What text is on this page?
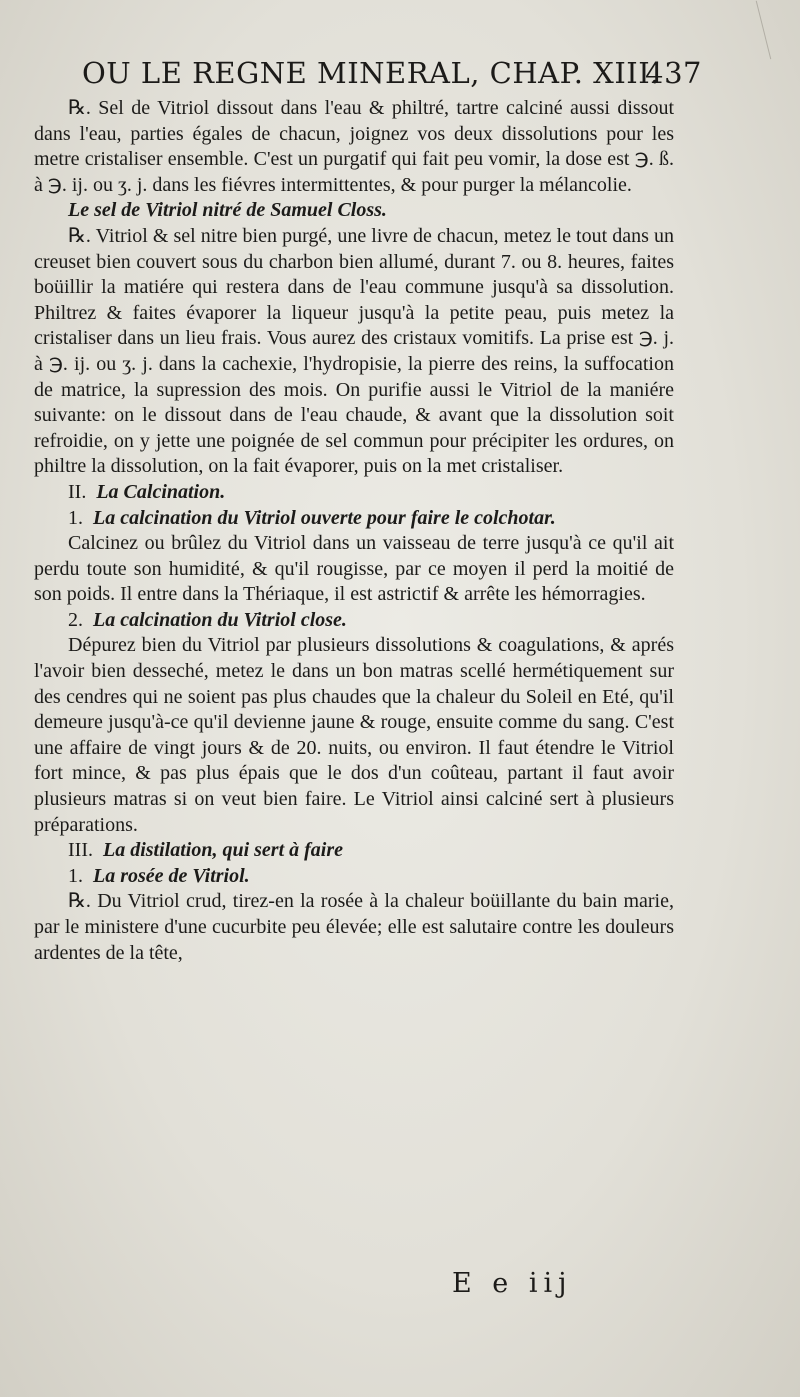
OU LE REGNE MINERAL, CHAP. XIII.
437

℞. Sel de Vitriol dissout dans l'eau & philtré, tartre calciné aussi dissout dans l'eau, parties égales de chacun, joignez vos deux dissolutions pour les metre cristaliser ensemble. C'est un purgatif qui fait peu vomir, la dose est ℈. ß. à ℈. ij. ou ʒ. j. dans les fiévres intermittentes, & pour purger la mélancolie.

Le sel de Vitriol nitré de Samuel Closs.

℞. Vitriol & sel nitre bien purgé, une livre de chacun, metez le tout dans un creuset bien couvert sous du charbon bien allumé, durant 7. ou 8. heures, faites boüillir la matiére qui restera dans de l'eau commune jusqu'à sa dissolution. Philtrez & faites évaporer la liqueur jusqu'à la petite peau, puis metez la cristaliser dans un lieu frais. Vous aurez des cristaux vomitifs. La prise est ℈. j. à ℈. ij. ou ʒ. j. dans la cachexie, l'hydropisie, la pierre des reins, la suffocation de matrice, la supression des mois. On purifie aussi le Vitriol de la maniére suivante: on le dissout dans de l'eau chaude, & avant que la dissolution soit refroidie, on y jette une poignée de sel commun pour précipiter les ordures, on philtre la dissolution, on la fait évaporer, puis on la met cristaliser.

II. La Calcination.

1. La calcination du Vitriol ouverte pour faire le colchotar.

Calcinez ou brûlez du Vitriol dans un vaisseau de terre jusqu'à ce qu'il ait perdu toute son humidité, & qu'il rougisse, par ce moyen il perd la moitié de son poids. Il entre dans la Thériaque, il est astrictif & arrête les hémorragies.

2. La calcination du Vitriol close.

Dépurez bien du Vitriol par plusieurs dissolutions & coagulations, & aprés l'avoir bien desseché, metez le dans un bon matras scellé hermétiquement sur des cendres qui ne soient pas plus chaudes que la chaleur du Soleil en Eté, qu'il demeure jusqu'à-ce qu'il devienne jaune & rouge, ensuite comme du sang. C'est une affaire de vingt jours & de 20. nuits, ou environ. Il faut étendre le Vitriol fort mince, & pas plus épais que le dos d'un coûteau, partant il faut avoir plusieurs matras si on veut bien faire. Le Vitriol ainsi calciné sert à plusieurs préparations.

III. La distilation, qui sert à faire

1. La rosée de Vitriol.

℞. Du Vitriol crud, tirez-en la rosée à la chaleur boüillante du bain marie, par le ministere d'une cucurbite peu élevée; elle est salutaire contre les douleurs ardentes de la tête,

E e iij
